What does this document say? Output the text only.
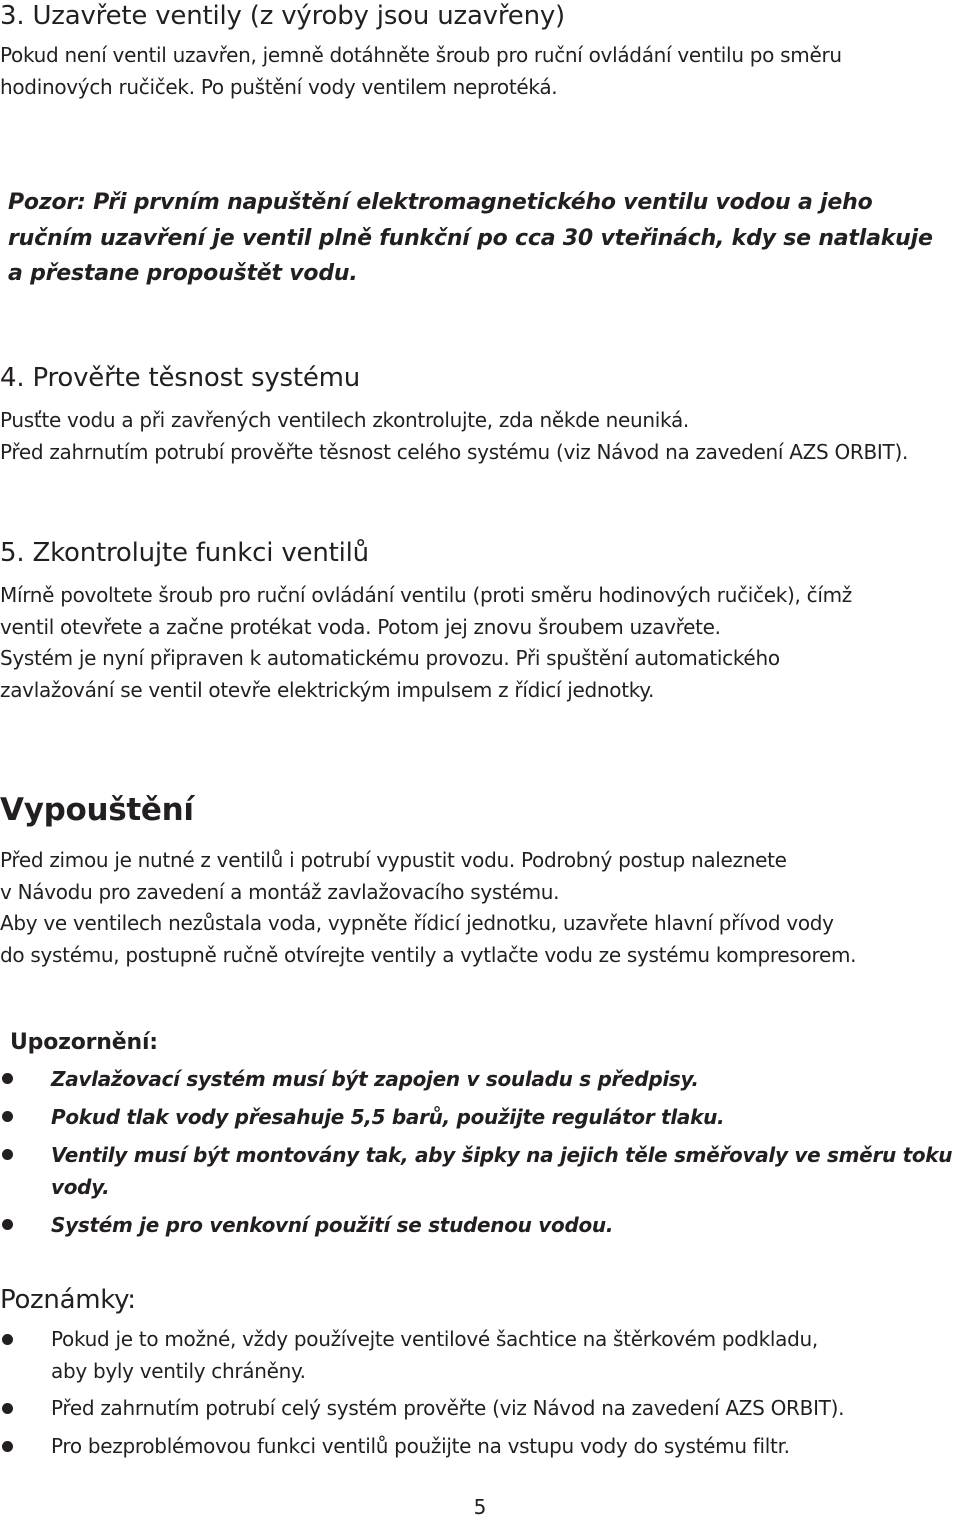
3. Uzavřete ventily (z výroby jsou uzavřeny)

Pokud není ventil uzavřen, jemně dotáhněte šroub pro ruční ovládání ventilu po směru

hodinových ručiček. Po puštění vody ventilem neprotéká.

Pozor: Při prvním napuštění elektromagnetického ventilu vodou a jeho

ručním uzavření je ventil plně funkční po cca 30 vteřinách, kdy se natlakuje

a přestane propouštět vodu.

4. Prověřte těsnost systému

Pusťte vodu a při zavřených ventilech zkontrolujte, zda někde neuniká.

Před zahrnutím potrubí prověřte těsnost celého systému (viz Návod na zavedení AZS ORBIT).

5. Zkontrolujte funkci ventilů

Mírně povoltete šroub pro ruční ovládání ventilu (proti směru hodinových ručiček), čímž

ventil otevřete a začne protékat voda. Potom jej znovu šroubem uzavřete.

Systém je nyní připraven k automatickému provozu. Při spuštění automatického

zavlažování se ventil otevře elektrickým impulsem z řídicí jednotky.

Vypouštění

Před zimou je nutné z ventilů i potrubí vypustit vodu. Podrobný postup naleznete

v Návodu pro zavedení a montáž zavlažovacího systému.

Aby ve ventilech nezůstala voda, vypněte řídicí jednotku, uzavřete hlavní přívod vody

do systému, postupně ručně otvírejte ventily a vytlačte vodu ze systému kompresorem.

Upozornění:

Zavlažovací systém musí být zapojen v souladu s předpisy.
Pokud tlak vody přesahuje 5,5 barů, použijte regulátor tlaku.
Ventily musí být montovány tak, aby šipky na jejich těle směřovaly ve směru toku
vody.
Systém je pro venkovní použití se studenou vodou.

Poznámky:

Pokud je to možné, vždy používejte ventilové šachtice na štěrkovém podkladu,
aby byly ventily chráněny.
Před zahrnutím potrubí celý systém prověřte (viz Návod na zavedení AZS ORBIT).
Pro bezproblémovou funkci ventilů použijte na vstupu vody do systému filtr.
5
